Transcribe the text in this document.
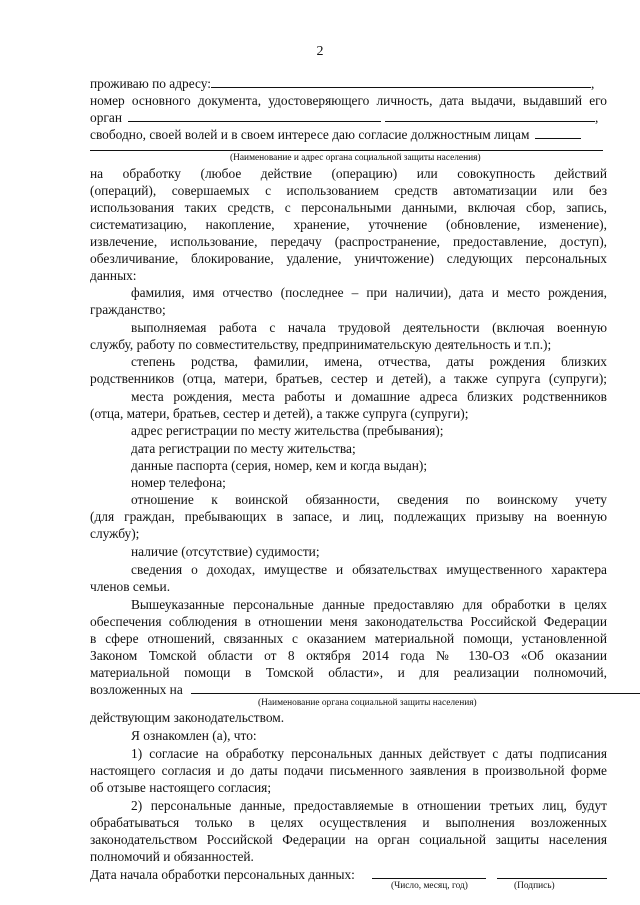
2
проживаю по адресу:	,
номер основного документа, удостоверяющего личность, дата выдачи, выдавший его
орган	,
свободно, своей волей и в своем интересе даю согласие должностным лицам
(Наименование и адрес органа социальной защиты населения)
на обработку (любое действие (операцию) или совокупность действий
(операций), совершаемых с использованием средств автоматизации или без
использования таких средств, с персональными данными, включая сбор, запись,
систематизацию, накопление, хранение, уточнение (обновление, изменение),
извлечение, использование, передачу (распространение, предоставление, доступ),
обезличивание, блокирование, удаление, уничтожение) следующих персональных
данных:
фамилия, имя отчество (последнее – при наличии), дата и место рождения,
гражданство;
выполняемая работа с начала трудовой деятельности (включая военную
службу, работу по совместительству, предпринимательскую деятельность и т.п.);
степень родства, фамилии, имена, отчества, даты рождения близких
родственников (отца, матери, братьев, сестер и детей), а также супруга (супруги);
места рождения, места работы и домашние адреса близких родственников
(отца, матери, братьев, сестер и детей), а также супруга (супруги);
адрес регистрации по месту жительства (пребывания);
дата регистрации по месту жительства;
данные паспорта (серия, номер, кем и когда выдан);
номер телефона;
отношение к воинской обязанности, сведения по воинскому учету
(для граждан, пребывающих в запасе, и лиц, подлежащих призыву на военную
службу);
наличие (отсутствие) судимости;
сведения о доходах, имуществе и обязательствах имущественного характера
членов семьи.
Вышеуказанные персональные данные предоставляю для обработки в целях
обеспечения соблюдения в отношении меня законодательства Российской Федерации
в сфере отношений, связанных с оказанием материальной помощи, установленной
Законом Томской области от 8 октября 2014 года № 130-ОЗ «Об оказании
материальной помощи в Томской области», и для реализации полномочий,
возложенных на
(Наименование органа социальной защиты населения)
действующим законодательством.
Я ознакомлен (а), что:
1) согласие на обработку персональных данных действует с даты подписания
настоящего согласия и до даты подачи письменного заявления в произвольной форме
об отзыве настоящего согласия;
2) персональные данные, предоставляемые в отношении третьих лиц, будут
обрабатываться только в целях осуществления и выполнения возложенных
законодательством Российской Федерации на орган социальной защиты населения
полномочий и обязанностей.
Дата начала обработки персональных данных:
(Число, месяц, год)	(Подпись)
